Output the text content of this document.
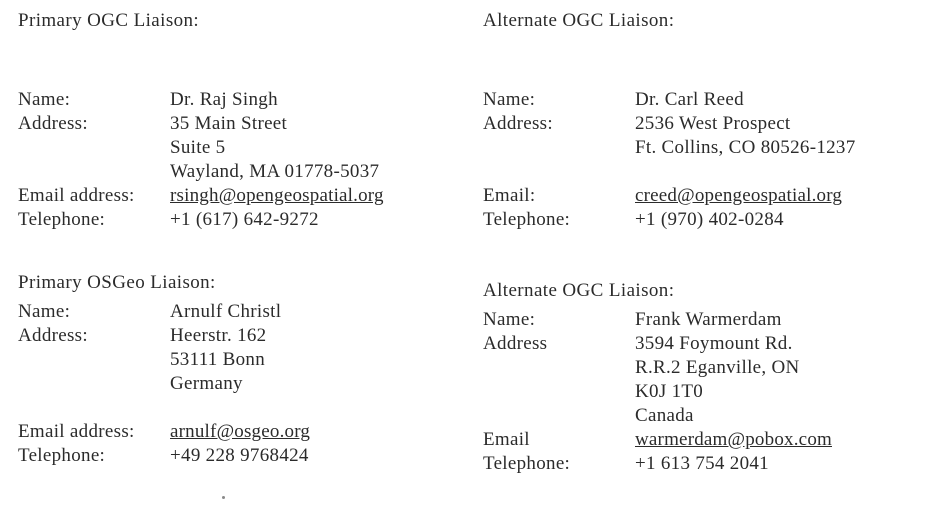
Primary OGC Liaison:
Name:	Dr. Raj Singh
Address:	35 Main Street
Suite 5
Wayland, MA 01778-5037
Email address:	rsingh@opengeospatial.org
Telephone:	+1 (617) 642-9272
Primary OSGeo Liaison:
Name:	Arnulf Christl
Address:	Heerstr. 162
53111 Bonn
Germany
Email address:	arnulf@osgeo.org
Telephone:	+49 228 9768424
Alternate OGC Liaison:
Name:	Dr. Carl Reed
Address:	2536 West Prospect
Ft. Collins, CO 80526-1237
Email:	creed@opengeospatial.org
Telephone:	+1 (970) 402-0284
Alternate OGC Liaison:
Name:	Frank Warmerdam
Address	3594 Foymount Rd.
R.R.2 Eganville, ON
K0J 1T0
Canada
Email	warmerdam@pobox.com
Telephone:	+1 613 754 2041
